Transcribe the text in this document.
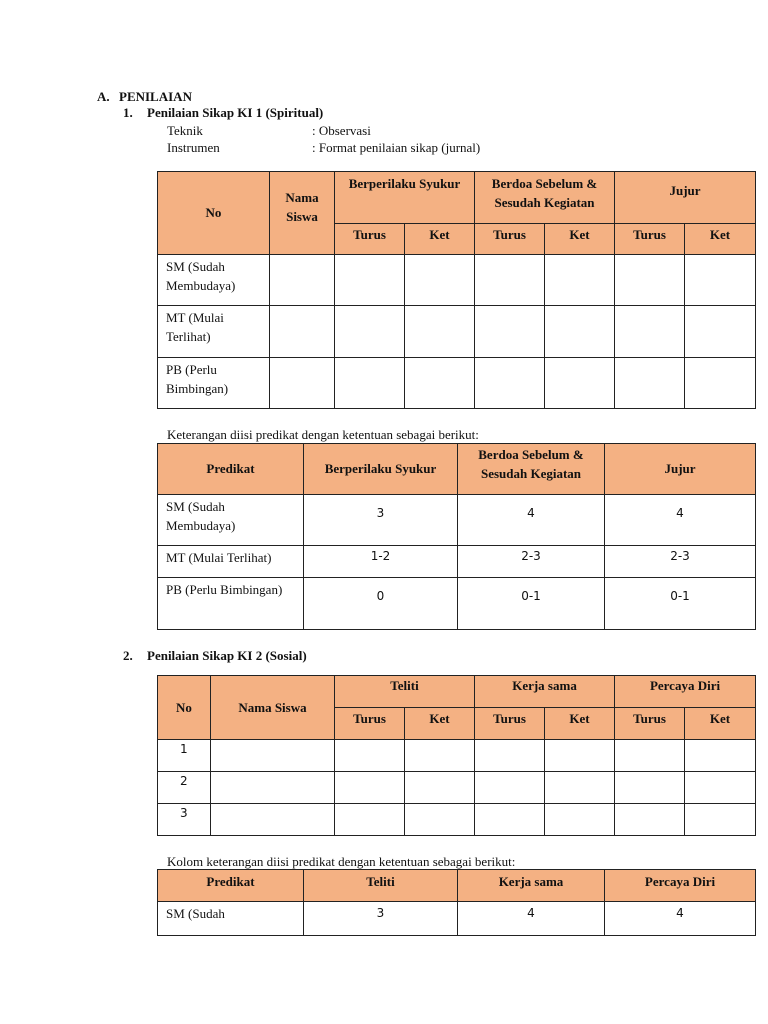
A. PENILAIAN
1. Penilaian Sikap KI 1 (Spiritual)
Teknik	: Observasi
Instrumen	: Format penilaian sikap (jurnal)
No	Nama Siswa	Berperilaku Syukur		Berdoa Sebelum & Sesudah Kegiatan		Jujur	
		Turus	Ket	Turus	Ket	Turus	Ket
SM (Sudah Membudaya)							
MT (Mulai Terlihat)							
PB (Perlu Bimbingan)							
Keterangan diisi predikat dengan ketentuan sebagai berikut:
Predikat	Berperilaku Syukur	Berdoa Sebelum & Sesudah Kegiatan	Jujur
SM (Sudah Membudaya)	3	4	4
MT (Mulai Terlihat)	1-2	2-3	2-3
PB (Perlu Bimbingan)	0	0-1	0-1
2. Penilaian Sikap KI 2 (Sosial)
No	Nama Siswa	Teliti		Kerja sama		Percaya Diri	
		Turus	Ket	Turus	Ket	Turus	Ket
1							
2							
3							
Kolom keterangan diisi predikat dengan ketentuan sebagai berikut:
Predikat	Teliti	Kerja sama	Percaya Diri
SM (Sudah	3	4	4
